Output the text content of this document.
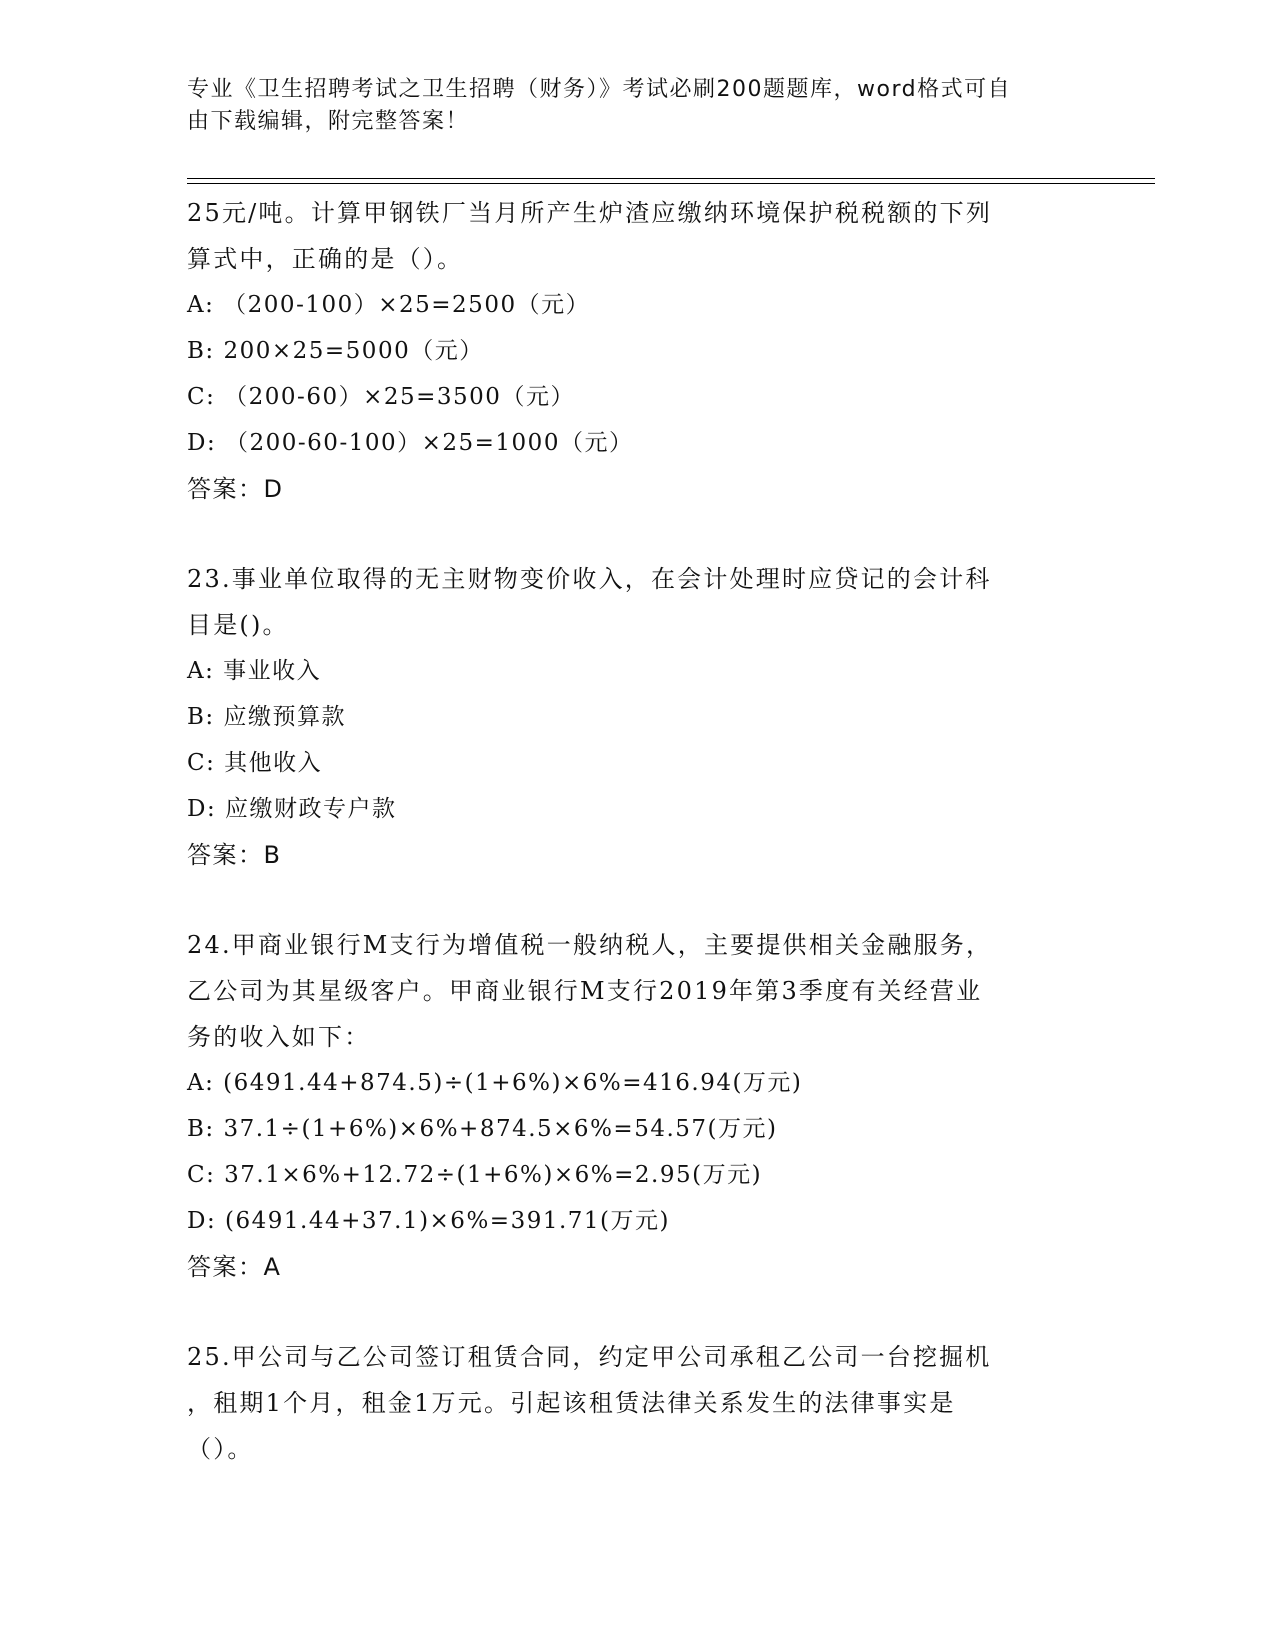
专业《卫生招聘考试之卫生招聘（财务）》考试必刷200题题库，word格式可自
由下载编辑，附完整答案！
25元/吨。计算甲钢铁厂当月所产生炉渣应缴纳环境保护税税额的下列
算式中，正确的是（）。
A: （200-100）×25=2500（元）
B: 200×25=5000（元）
C: （200-60）×25=3500（元）
D: （200-60-100）×25=1000（元）
答案：D
23.事业单位取得的无主财物变价收入，在会计处理时应贷记的会计科
目是()。
A: 事业收入
B: 应缴预算款
C: 其他收入
D: 应缴财政专户款
答案：B
24.甲商业银行M支行为增值税一般纳税人，主要提供相关金融服务，
乙公司为其星级客户。甲商业银行M支行2019年第3季度有关经营业
务的收入如下：
A: (6491.44+874.5)÷(1+6%)×6%=416.94(万元)
B: 37.1÷(1+6%)×6%+874.5×6%=54.57(万元)
C: 37.1×6%+12.72÷(1+6%)×6%=2.95(万元)
D: (6491.44+37.1)×6%=391.71(万元)
答案：A
25.甲公司与乙公司签订租赁合同，约定甲公司承租乙公司一台挖掘机
，租期1个月，租金1万元。引起该租赁法律关系发生的法律事实是
（）。
